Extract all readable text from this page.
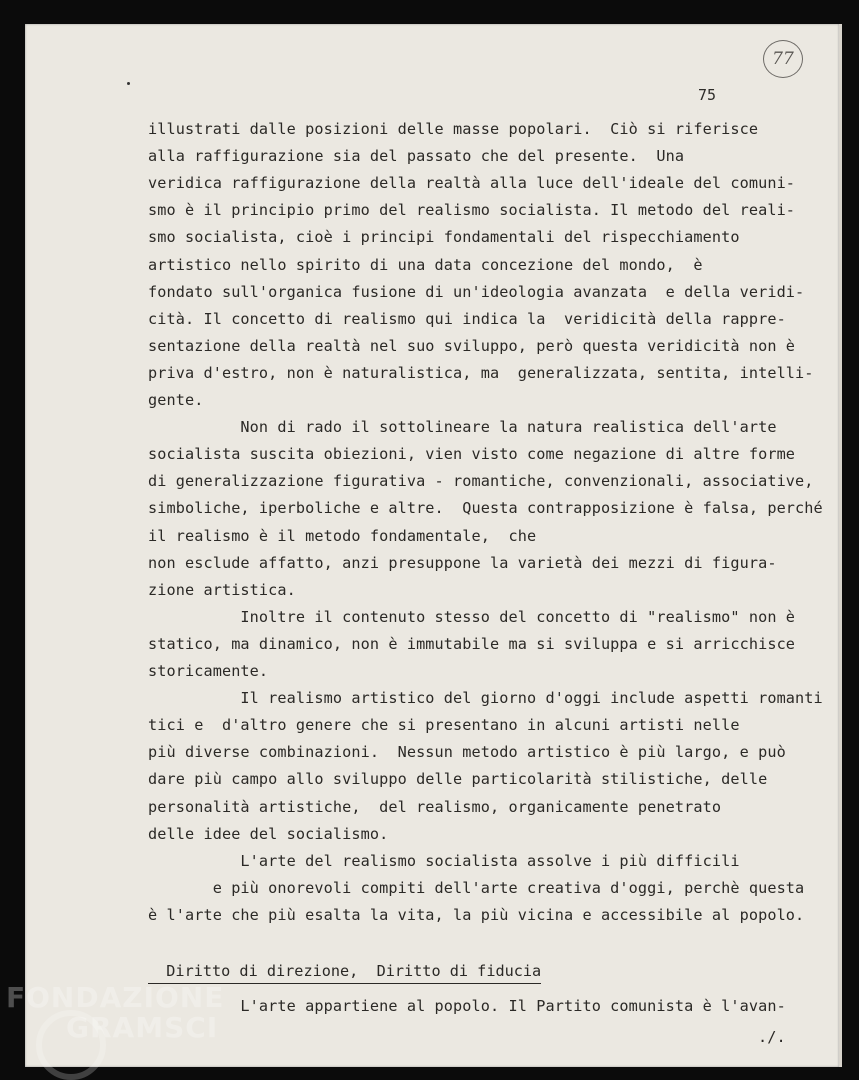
77
75
illustrati dalle posizioni delle masse popolari.  Ciò si riferisce
alla raffigurazione sia del passato che del presente.  Una
veridica raffigurazione della realtà alla luce dell'ideale del comuni-
smo è il principio primo del realismo socialista. Il metodo del reali-
smo socialista, cioè i principi fondamentali del rispecchiamento
artistico nello spirito di una data concezione del mondo,  è
fondato sull'organica fusione di un'ideologia avanzata  e della veridi-
cità. Il concetto di realismo qui indica la  veridicità della rappre-
sentazione della realtà nel suo sviluppo, però questa veridicità non è
priva d'estro, non è naturalistica, ma  generalizzata, sentita, intelli-
gente.
Non di rado il sottolineare la natura realistica dell'arte
socialista suscita obiezioni, vien visto come negazione di altre forme
di generalizzazione figurativa - romantiche, convenzionali, associative,
simboliche, iperboliche e altre.  Questa contrapposizione è falsa, perché
il realismo è il metodo fondamentale,  che
non esclude affatto, anzi presuppone la varietà dei mezzi di figura-
zione artistica.
Inoltre il contenuto stesso del concetto di "realismo" non è
statico, ma dinamico, non è immutabile ma si sviluppa e si arricchisce
storicamente.
Il realismo artistico del giorno d'oggi include aspetti romanti
tici e  d'altro genere che si presentano in alcuni artisti nelle
più diverse combinazioni.  Nessun metodo artistico è più largo, e può
dare più campo allo sviluppo delle particolarità stilistiche, delle
personalità artistiche,  del realismo, organicamente penetrato
delle idee del socialismo.
L'arte del realismo socialista assolve i più difficili
e più onorevoli compiti dell'arte creativa d'oggi, perchè questa
è l'arte che più esalta la vita, la più vicina e accessibile al popolo.
Diritto di direzione,  Diritto di fiducia
L'arte appartiene al popolo. Il Partito comunista è l'avan-
./.
FONDAZIONE
GRAMSCI
